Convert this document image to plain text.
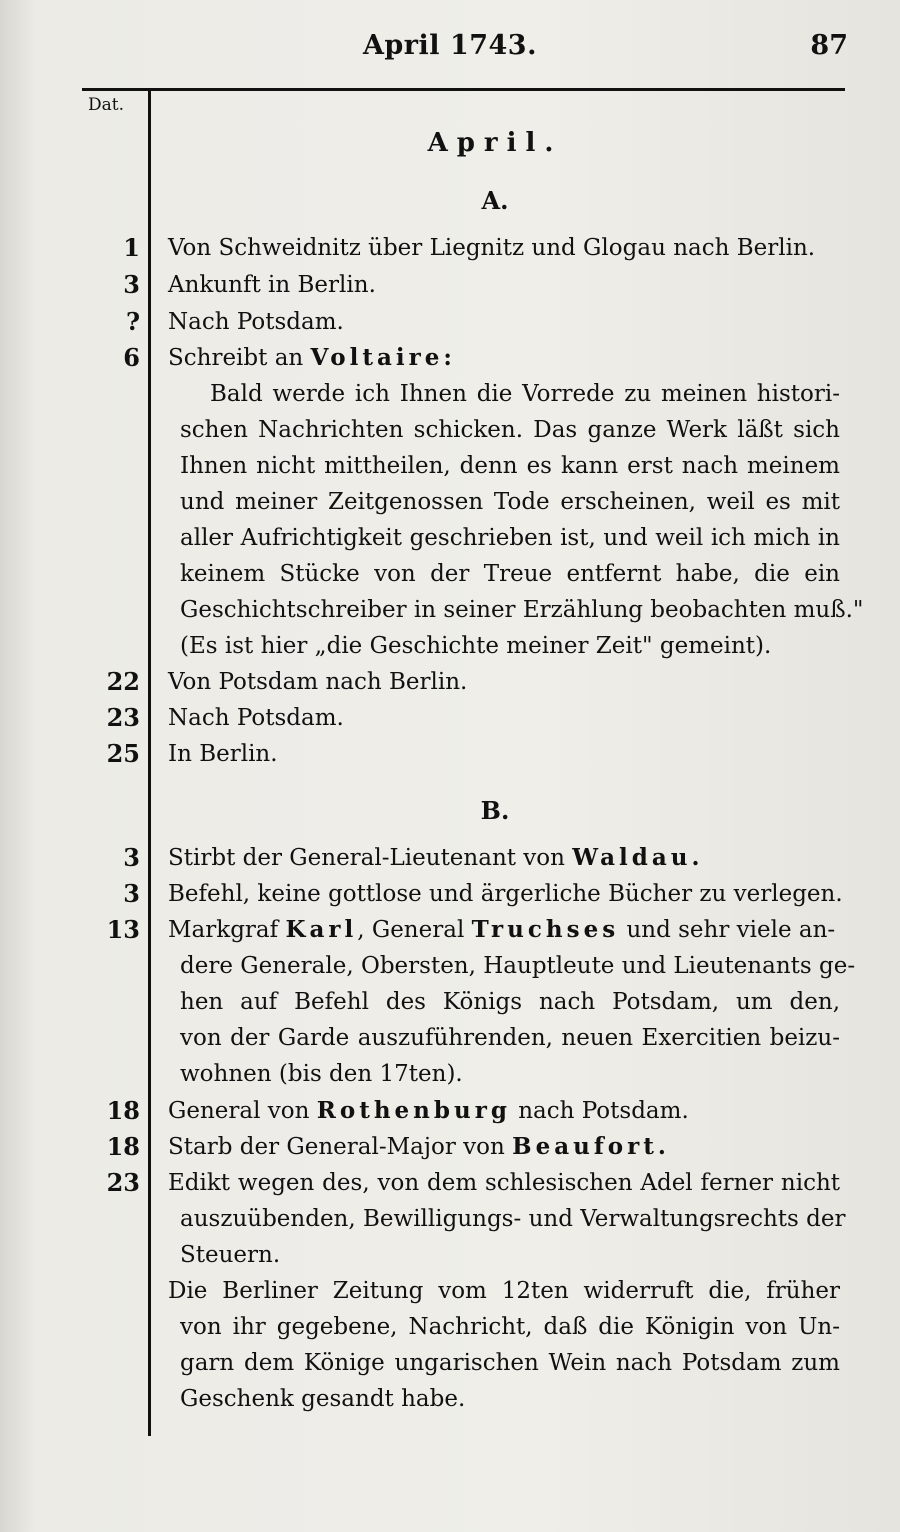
April 1743.	87
Dat.
April.
A.
1 Von Schweidnitz über Liegnitz und Glogau nach Berlin.
3 Ankunft in Berlin.
? Nach Potsdam.
6 Schreibt an Voltaire:
Bald werde ich Ihnen die Vorrede zu meinen histori-
schen Nachrichten schicken. Das ganze Werk läßt sich
Ihnen nicht mittheilen, denn es kann erst nach meinem
und meiner Zeitgenossen Tode erscheinen, weil es mit
aller Aufrichtigkeit geschrieben ist, und weil ich mich in
keinem Stücke von der Treue entfernt habe, die ein
Geschichtschreiber in seiner Erzählung beobachten muß."
(Es ist hier „die Geschichte meiner Zeit" gemeint).
22 Von Potsdam nach Berlin.
23 Nach Potsdam.
25 In Berlin.
B.
3 Stirbt der General-Lieutenant von Waldau.
3 Befehl, keine gottlose und ärgerliche Bücher zu verlegen.
13 Markgraf Karl, General Truchses und sehr viele an-
dere Generale, Obersten, Hauptleute und Lieutenants ge-
hen auf Befehl des Königs nach Potsdam, um den,
von der Garde auszuführenden, neuen Exercitien beizu-
wohnen (bis den 17ten).
18 General von Rothenburg nach Potsdam.
18 Starb der General-Major von Beaufort.
23 Edikt wegen des, von dem schlesischen Adel ferner nicht
auszuübenden, Bewilligungs- und Verwaltungsrechts der
Steuern.
Die Berliner Zeitung vom 12ten widerruft die, früher
von ihr gegebene, Nachricht, daß die Königin von Un-
garn dem Könige ungarischen Wein nach Potsdam zum
Geschenk gesandt habe.
